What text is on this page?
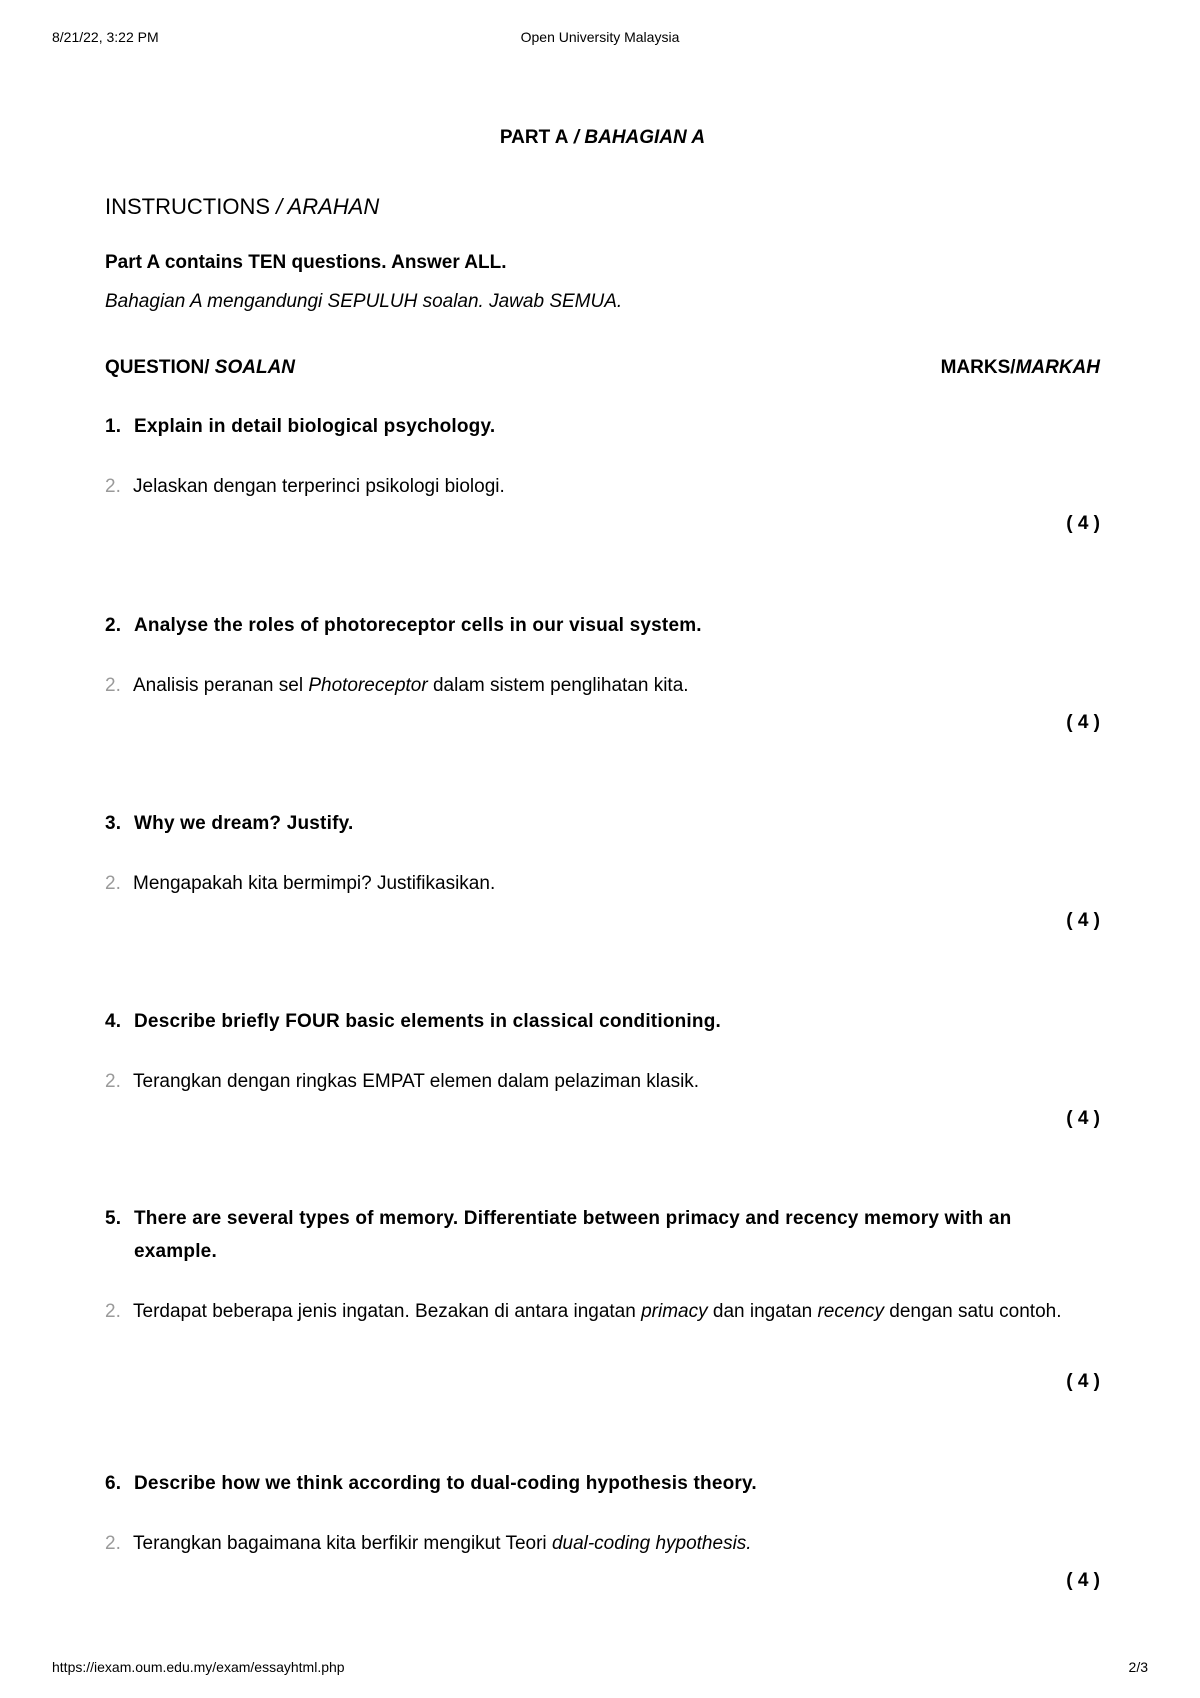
8/21/22, 3:22 PM	Open University Malaysia
PART A / BAHAGIAN A
INSTRUCTIONS / ARAHAN
Part A contains TEN questions. Answer ALL.
Bahagian A mengandungi SEPULUH soalan. Jawab SEMUA.
QUESTION/ SOALAN	MARKS/MARKAH
1. Explain in detail biological psychology.
2. Jelaskan dengan terperinci psikologi biologi.
( 4 )
2. Analyse the roles of photoreceptor cells in our visual system.
2. Analisis peranan sel Photoreceptor dalam sistem penglihatan kita.
( 4 )
3. Why we dream? Justify.
2. Mengapakah kita bermimpi? Justifikasikan.
( 4 )
4. Describe briefly FOUR basic elements in classical conditioning.
2. Terangkan dengan ringkas EMPAT elemen dalam pelaziman klasik.
( 4 )
5. There are several types of memory. Differentiate between primacy and recency memory with an example.
2. Terdapat beberapa jenis ingatan. Bezakan di antara ingatan primacy dan ingatan recency dengan satu contoh.
( 4 )
6. Describe how we think according to dual-coding hypothesis theory.
2. Terangkan bagaimana kita berfikir mengikut Teori dual-coding hypothesis.
( 4 )
https://iexam.oum.edu.my/exam/essayhtml.php	2/3
